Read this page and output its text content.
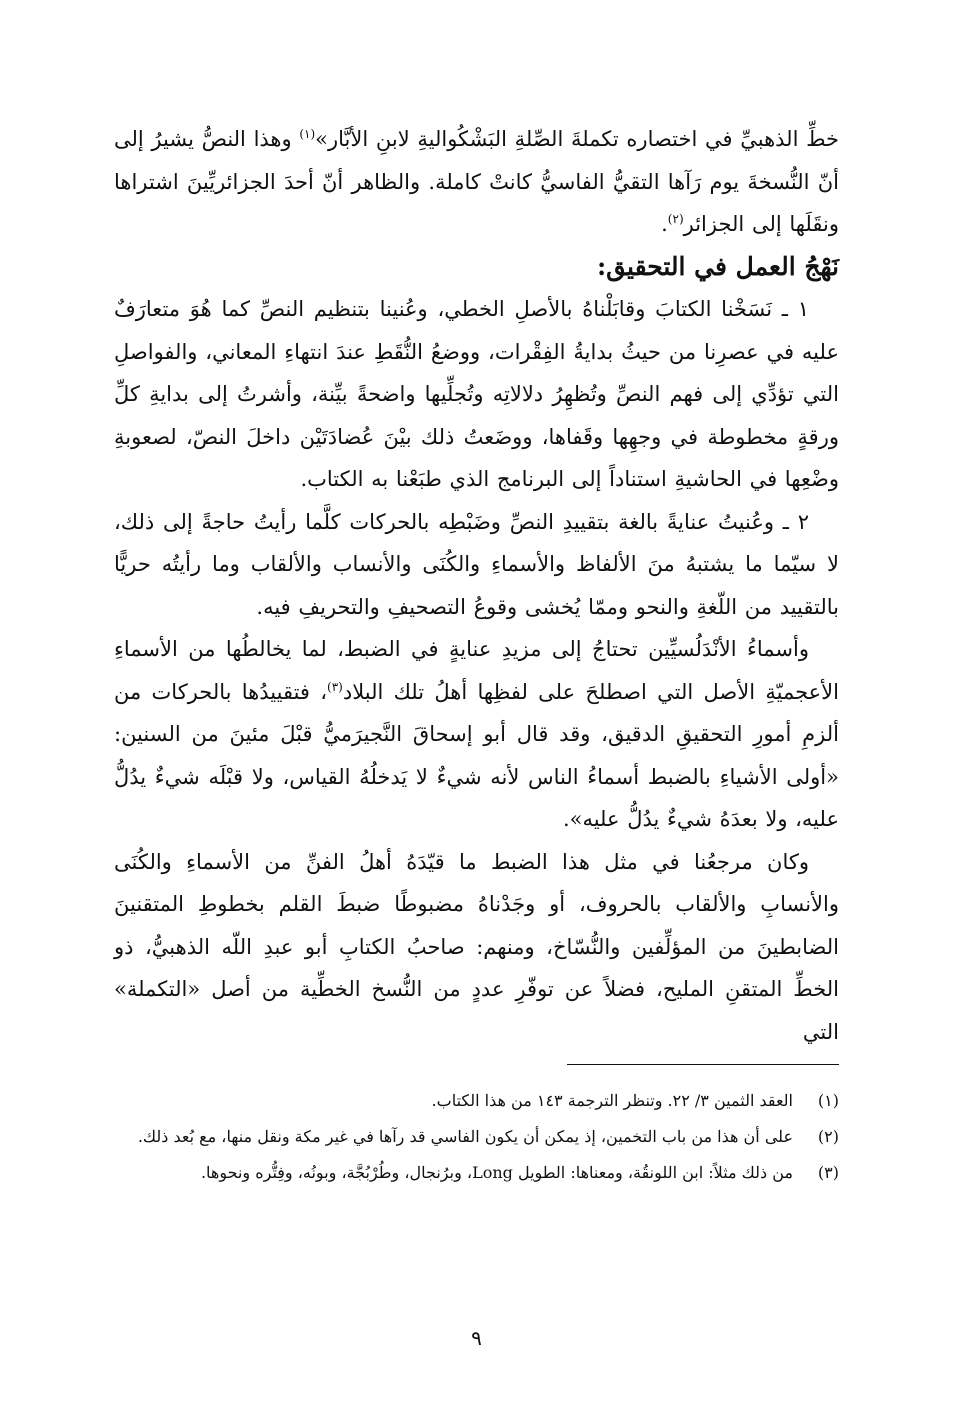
خطِّ الذهبيِّ في اختصاره تكملةَ الصِّلةِ البَشْكُواليةِ لابنِ الأبَّار»$^{(١)}$ وهذا النصُّ يشيرُ إلى أنّ النُّسخةَ يوم رَآها التقيُّ الفاسيُّ كانتْ كاملة. والظاهر أنّ أحدَ الجزائريِّينَ اشتراها ونقَلَها إلى الجزائر$^{(٢)}$.

نَهْجُ العمل في التحقيق:

١ ـ نَسَخْنا الكتابَ وقابَلْناهُ بالأصلِ الخطي، وعُنينا بتنظيم النصِّ كما هُوَ متعارَفٌ عليه في عصرِنا من حيثُ بدايةُ الفِقْرات، ووضعُ النُّقَطِ عندَ انتهاءِ المعاني، والفواصلِ التي تؤدِّي إلى فهم النصِّ وتُظهِرُ دلالاتِه وتُجلِّيها واضحةً بيِّنة، وأشرتُ إلى بدايةِ كلِّ ورقةٍ مخطوطة في وجهِها وقَفاها، ووضَعتُ ذلك بيْنَ عُضادَتَيْن داخلَ النصّ، لصعوبةِ وضْعِها في الحاشيةِ استناداً إلى البرنامج الذي طبَعْنا به الكتاب.

٢ ـ وعُنيتُ عنايةً بالغة بتقييدِ النصِّ وضَبْطِه بالحركات كلَّما رأيتُ حاجةً إلى ذلك، لا سيّما ما يشتبهُ منَ الألفاظ والأسماءِ والكُنَى والأنساب والألقاب وما رأيتُه حريًّا بالتقييد من اللّغةِ والنحو وممّا يُخشى وقوعُ التصحيفِ والتحريفِ فيه.

وأسماءُ الأنْدَلُسيِّين تحتاجُ إلى مزيدِ عنايةٍ في الضبط، لما يخالطُها من الأسماءِ الأعجميّةِ الأصل التي اصطلحَ على لفظِها أهلُ تلك البلاد$^{(٣)}$، فتقييدُها بالحركات من ألزمِ أمورِ التحقيقِ الدقيق، وقد قال أبو إسحاقَ النَّجيرَميُّ قبْلَ مئينَ من السنين: «أولى الأشياءِ بالضبط أسماءُ الناس لأنه شيءٌ لا يَدخلُهُ القياس، ولا قبْلَه شيءٌ يدُلُّ عليه، ولا بعدَهُ شيءٌ يدُلُّ عليه».

وكان مرجعُنا في مثل هذا الضبط ما قيّدَهُ أهلُ الفنِّ من الأسماءِ والكُنَى والأنسابِ والألقاب بالحروف، أو وجَدْناهُ مضبوطًا ضبطَ القلم بخطوطِ المتقنينَ الضابطينَ من المؤلِّفين والنُّسّاخ، ومنهم: صاحبُ الكتابِ أبو عبدِ اللّه الذهبيُّ، ذو الخطِّ المتقنِ المليح، فضلاً عن توفّرِ عددٍ من النُّسخ الخطِّية من أصل «التكملة» التي

(١)
العقد الثمين ٣/ ٢٢. وتنظر الترجمة ١٤٣ من هذا الكتاب.
(٢)
على أن هذا من باب التخمين، إذ يمكن أن يكون الفاسي قد رآها في غير مكة ونقل منها، مع بُعد ذلك.
(٣)
من ذلك مثلاً: ابن اللونقُة، ومعناها: الطويل Long، وبرُنجال، وطُرْبُجَّة، وبونُه، وفِتُّره ونحوها.
٩
